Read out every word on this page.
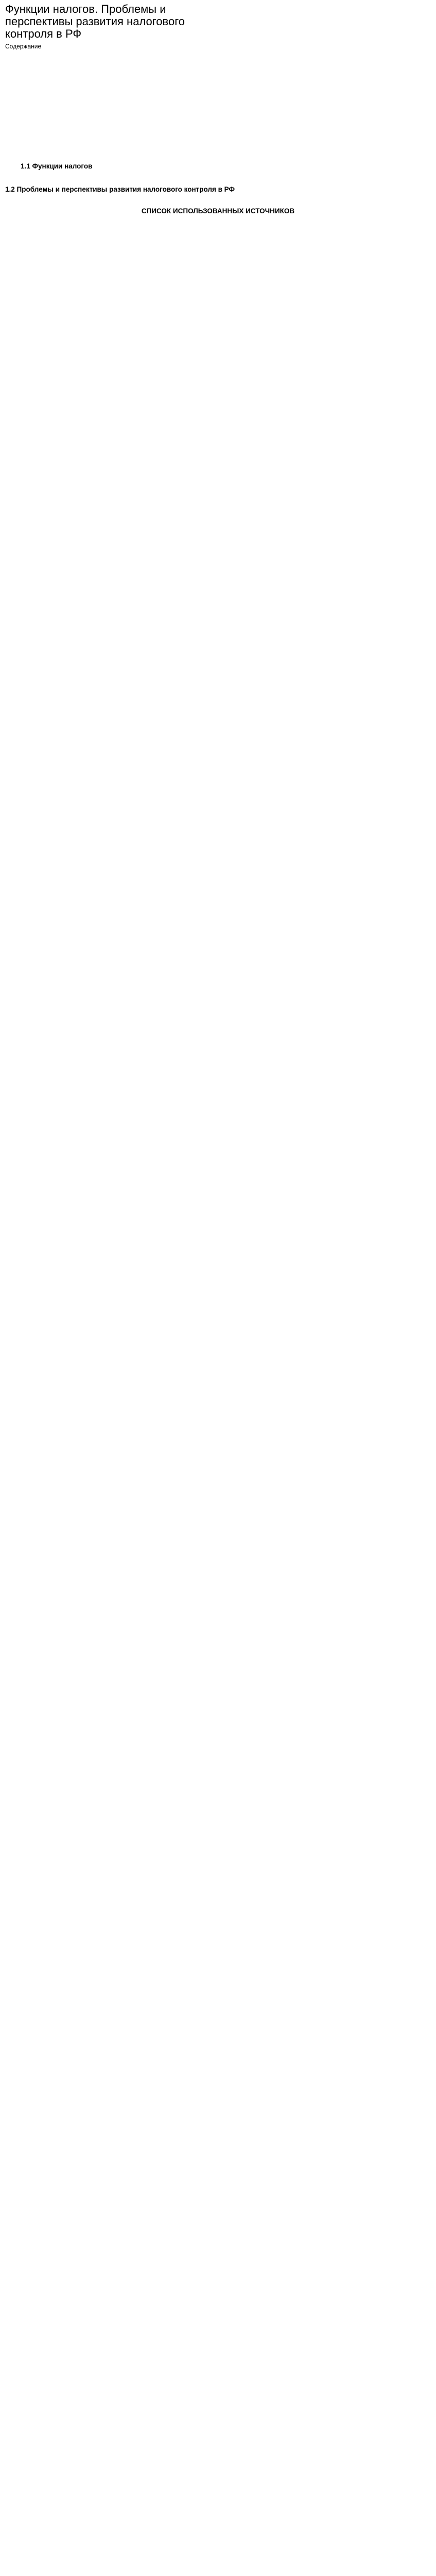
Функции налогов. Проблемы и перспективы развития налогового контроля в РФ
Содержание
1.1 Функции налогов

1.2 Проблемы и перспективы развития налогового контроля в РФ

СПИСОК ИСПОЛЬЗОВАННЫХ ИСТОЧНИКОВ
